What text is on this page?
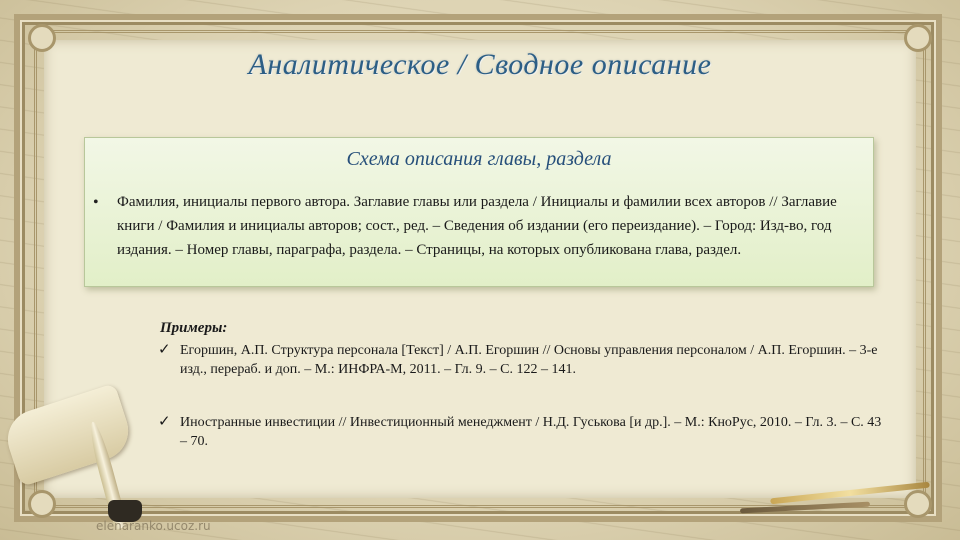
Аналитическое / Сводное описание
Схема описания главы, раздела
• Фамилия, инициалы первого автора. Заглавие главы или раздела / Инициалы и фамилии всех авторов // Заглавие книги / Фамилия и инициалы авторов; сост., ред. – Сведения об издании (его переиздание). – Город: Изд-во, год издания. – Номер главы, параграфа, раздела. – Страницы, на которых опубликована глава, раздел.
Примеры:
✓ Егоршин, А.П. Структура персонала [Текст] / А.П. Егоршин // Основы управления персоналом / А.П. Егоршин. – 3-е изд., перераб. и доп. – М.: ИНФРА-М, 2011. – Гл. 9. – С. 122 – 141.
✓ Иностранные инвестиции // Инвестиционный менеджмент / Н.Д. Гуськова [и др.]. – М.: КноРус, 2010. – Гл. 3. – С. 43 – 70.
elenaranko.ucoz.ru
